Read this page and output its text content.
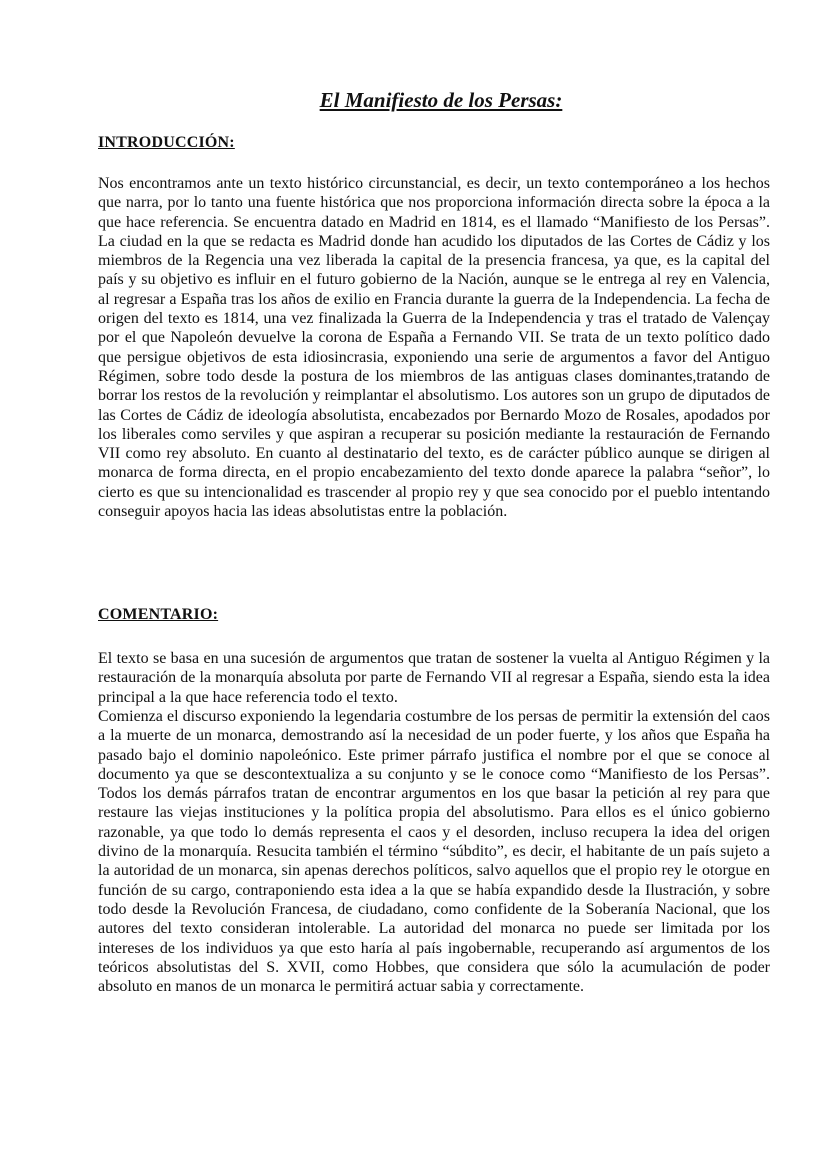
El Manifiesto de los Persas:
INTRODUCCIÓN:

Nos encontramos ante un texto histórico circunstancial, es decir, un texto contemporáneo a los hechos que narra, por lo tanto una fuente histórica que nos proporciona información directa sobre la época a la que hace referencia. Se encuentra datado en Madrid en 1814, es el llamado “Manifiesto de los Persas”. La ciudad en la que se redacta es Madrid donde han acudido los diputados de las Cortes de Cádiz y los miembros de la Regencia una vez liberada la capital de la presencia francesa, ya que, es la capital del país y su objetivo es influir en el futuro gobierno de la Nación, aunque se le entrega al rey en Valencia, al regresar a España tras los años de exilio en Francia durante la guerra de la Independencia. La fecha de origen del texto es 1814, una vez finalizada la Guerra de la Independencia y tras el tratado de Valençay por el que Napoleón devuelve la corona de España a Fernando VII. Se trata de un texto político dado que persigue objetivos de esta idiosincrasia, exponiendo una serie de argumentos a favor del Antiguo Régimen, sobre todo desde la postura de los miembros de las antiguas clases dominantes,tratando de borrar los restos de la revolución y reimplantar el absolutismo. Los autores son un grupo de diputados de las Cortes de Cádiz de ideología absolutista, encabezados por Bernardo Mozo de Rosales, apodados por los liberales como serviles y que aspiran a recuperar su posición mediante la restauración de Fernando VII como rey absoluto. En cuanto al destinatario del texto, es de carácter público aunque se dirigen al monarca de forma directa, en el propio encabezamiento del texto donde aparece la palabra “señor”, lo cierto es que su intencionalidad es trascender al propio rey y que sea conocido por el pueblo intentando conseguir apoyos hacia las ideas absolutistas entre la población.

COMENTARIO:

El texto se basa en una sucesión de argumentos que tratan de sostener la vuelta al Antiguo Régimen y la restauración de la monarquía absoluta por parte de Fernando VII al regresar a España, siendo esta la idea principal a la que hace referencia todo el texto.

Comienza el discurso exponiendo la legendaria costumbre de los persas de permitir la extensión del caos a la muerte de un monarca, demostrando así la necesidad de un poder fuerte, y los años que España ha pasado bajo el dominio napoleónico. Este primer párrafo justifica el nombre por el que se conoce al documento ya que se descontextualiza a su conjunto y se le conoce como “Manifiesto de los Persas”. Todos los demás párrafos tratan de encontrar argumentos en los que basar la petición al rey para que restaure las viejas instituciones y la política propia del absolutismo. Para ellos es el único gobierno razonable, ya que todo lo demás representa el caos y el desorden, incluso recupera la idea del origen divino de la monarquía. Resucita también el término “súbdito”, es decir, el habitante de un país sujeto a la autoridad de un monarca, sin apenas derechos políticos, salvo aquellos que el propio rey le otorgue en función de su cargo, contraponiendo esta idea a la que se había expandido desde la Ilustración, y sobre todo desde la Revolución Francesa, de ciudadano, como confidente de la Soberanía Nacional, que los autores del texto consideran intolerable. La autoridad del monarca no puede ser limitada por los intereses de los individuos ya que esto haría al país ingobernable, recuperando así argumentos de los teóricos absolutistas del S. XVII, como Hobbes, que considera que sólo la acumulación de poder absoluto en manos de un monarca le permitirá actuar sabia y correctamente.
